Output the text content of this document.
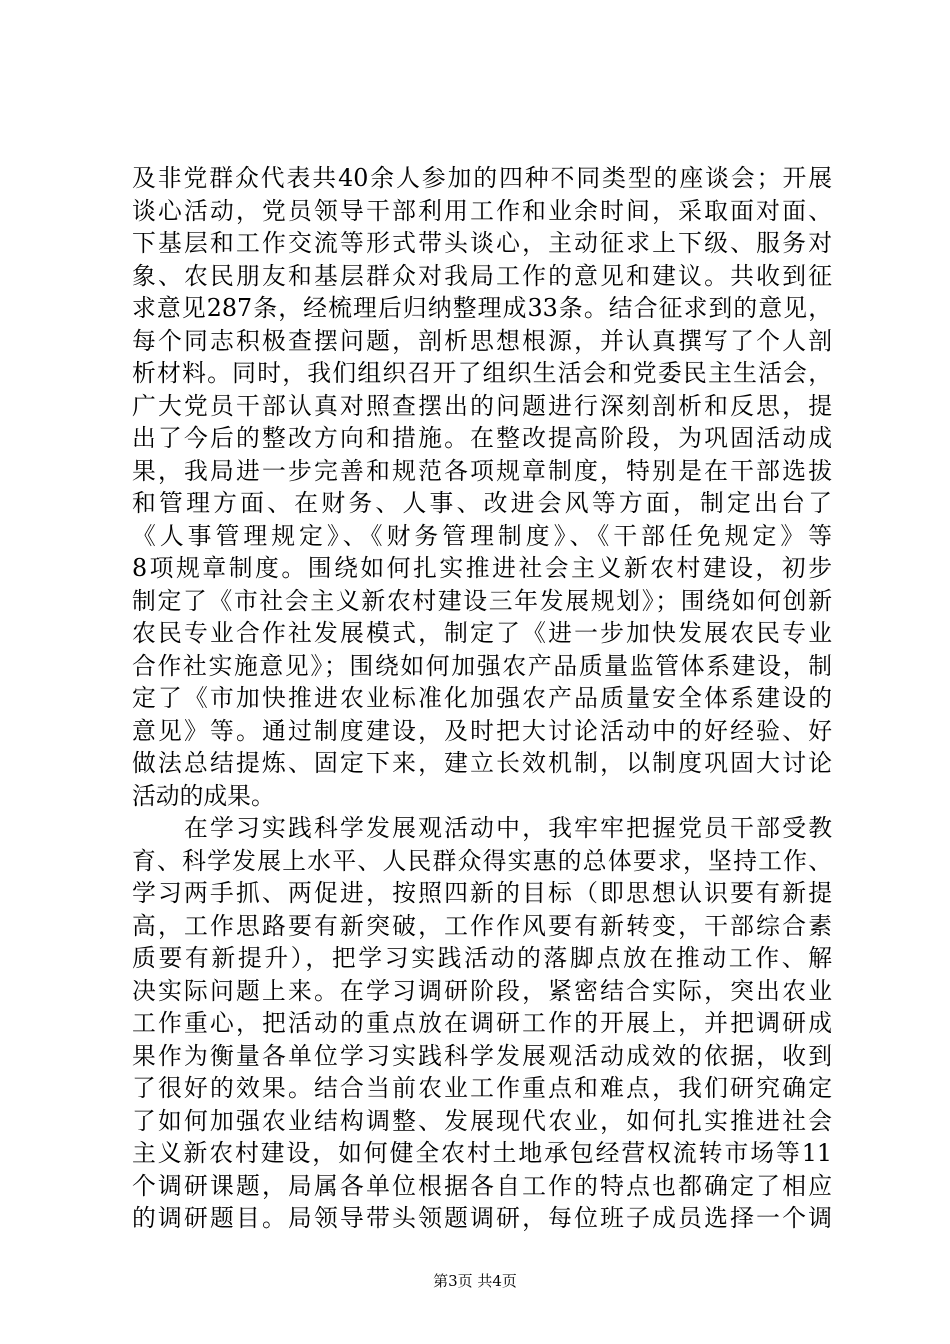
及非党群众代表共40余人参加的四种不同类型的座谈会；开展
谈心活动，党员领导干部利用工作和业余时间，采取面对面、
下基层和工作交流等形式带头谈心，主动征求上下级、服务对
象、农民朋友和基层群众对我局工作的意见和建议。共收到征
求意见287条，经梳理后归纳整理成33条。结合征求到的意见，
每个同志积极查摆问题，剖析思想根源，并认真撰写了个人剖
析材料。同时，我们组织召开了组织生活会和党委民主生活会，
广大党员干部认真对照查摆出的问题进行深刻剖析和反思，提
出了今后的整改方向和措施。在整改提高阶段，为巩固活动成
果，我局进一步完善和规范各项规章制度，特别是在干部选拔
和管理方面、在财务、人事、改进会风等方面，制定出台了
《人事管理规定》、《财务管理制度》、《干部任免规定》等
8项规章制度。围绕如何扎实推进社会主义新农村建设，初步
制定了《市社会主义新农村建设三年发展规划》；围绕如何创新
农民专业合作社发展模式，制定了《进一步加快发展农民专业
合作社实施意见》；围绕如何加强农产品质量监管体系建设，制
定了《市加快推进农业标准化加强农产品质量安全体系建设的
意见》等。通过制度建设，及时把大讨论活动中的好经验、好
做法总结提炼、固定下来，建立长效机制，以制度巩固大讨论
活动的成果。
　　在学习实践科学发展观活动中，我牢牢把握党员干部受教
育、科学发展上水平、人民群众得实惠的总体要求，坚持工作、
学习两手抓、两促进，按照四新的目标（即思想认识要有新提
高，工作思路要有新突破，工作作风要有新转变，干部综合素
质要有新提升），把学习实践活动的落脚点放在推动工作、解
决实际问题上来。在学习调研阶段，紧密结合实际，突出农业
工作重心，把活动的重点放在调研工作的开展上，并把调研成
果作为衡量各单位学习实践科学发展观活动成效的依据，收到
了很好的效果。结合当前农业工作重点和难点，我们研究确定
了如何加强农业结构调整、发展现代农业，如何扎实推进社会
主义新农村建设，如何健全农村土地承包经营权流转市场等11
个调研课题，局属各单位根据各自工作的特点也都确定了相应
的调研题目。局领导带头领题调研，每位班子成员选择一个调
第3页 共4页
